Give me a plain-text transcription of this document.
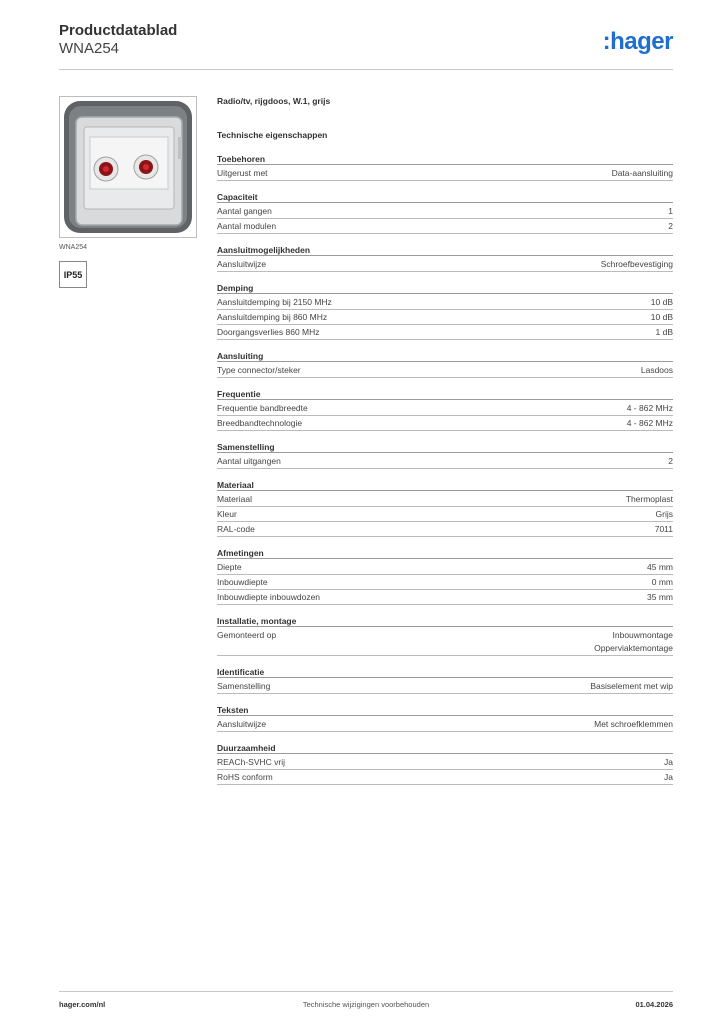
Productdatablad
WNA254	:hager
WNA254
IP55
Radio/tv, rijgdoos, W.1, grijs
Technische eigenschappen
Toebehoren
Uitgerust met	Data-aansluiting
Capaciteit
Aantal gangen	1
Aantal modulen	2
Aansluitmogelijkheden
Aansluitwijze	Schroefbevestiging
Demping
Aansluitdemping bij 2150 MHz	10 dB
Aansluitdemping bij 860 MHz	10 dB
Doorgangsverlies 860 MHz	1 dB
Aansluiting
Type connector/steker	Lasdoos
Frequentie
Frequentie bandbreedte	4 - 862 MHz
Breedbandtechnologie	4 - 862 MHz
Samenstelling
Aantal uitgangen	2
Materiaal
Materiaal	Thermoplast
Kleur	Grijs
RAL-code	7011
Afmetingen
Diepte	45 mm
Inbouwdiepte	0 mm
Inbouwdiepte inbouwdozen	35 mm
Installatie, montage
Gemonteerd op	Inbouwmontage
Opperviaktemontage
Identificatie
Samenstelling	Basiselement met wip
Teksten
Aansluitwijze	Met schroefklemmen
Duurzaamheid
REACh-SVHC vrij	Ja
RoHS conform	Ja
hager.com/nl	Technische wijzigingen voorbehouden	01.04.2026
